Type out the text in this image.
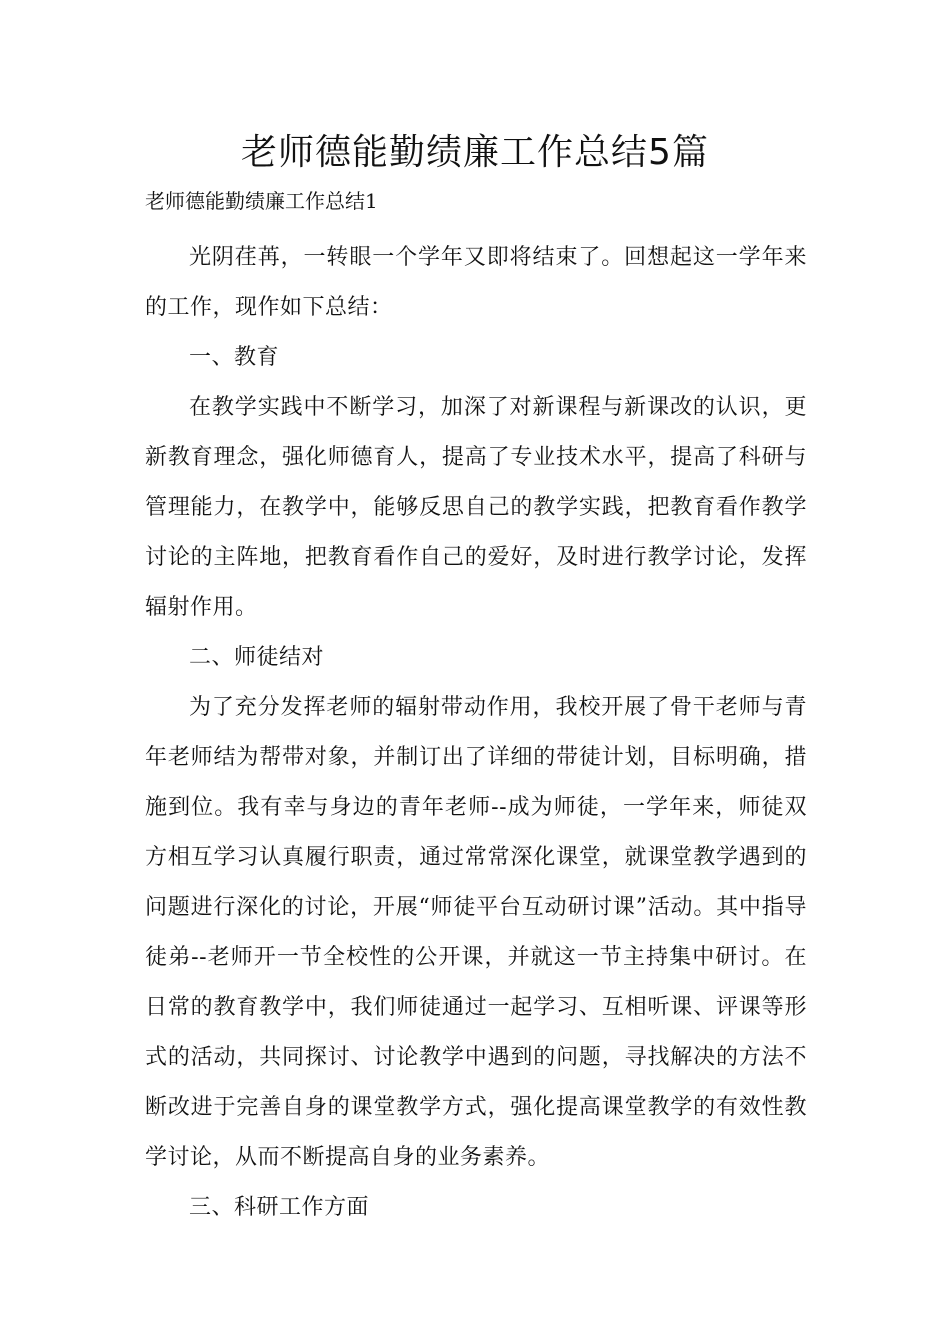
老师德能勤绩廉工作总结5篇
老师德能勤绩廉工作总结1

光阴荏苒，一转眼一个学年又即将结束了。回想起这一学年来的工作，现作如下总结：

一、教育

在教学实践中不断学习，加深了对新课程与新课改的认识，更新教育理念，强化师德育人，提高了专业技术水平，提高了科研与管理能力，在教学中，能够反思自己的教学实践，把教育看作教学讨论的主阵地，把教育看作自己的爱好，及时进行教学讨论，发挥辐射作用。

二、师徒结对

为了充分发挥老师的辐射带动作用，我校开展了骨干老师与青年老师结为帮带对象，并制订出了详细的带徒计划，目标明确，措施到位。我有幸与身边的青年老师--成为师徒，一学年来，师徒双方相互学习认真履行职责，通过常常深化课堂，就课堂教学遇到的问题进行深化的讨论，开展“师徒平台互动研讨课”活动。其中指导徒弟--老师开一节全校性的公开课，并就这一节主持集中研讨。在日常的教育教学中，我们师徒通过一起学习、互相听课、评课等形式的活动，共同探讨、讨论教学中遇到的问题，寻找解决的方法不断改进于完善自身的课堂教学方式，强化提高课堂教学的有效性教学讨论，从而不断提高自身的业务素养。

三、科研工作方面
